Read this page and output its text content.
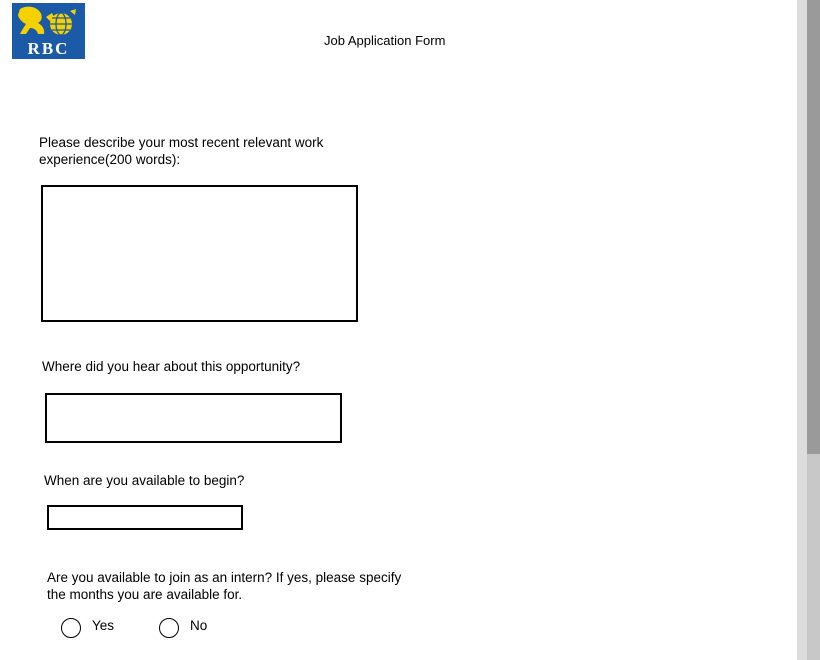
RBC	Job Application Form
Please describe your most recent relevant work experience(200 words):
Where did you hear about this opportunity?
When are you available to begin?
Are you available to join as an intern? If yes, please specify the months you are available for.
Yes	No
